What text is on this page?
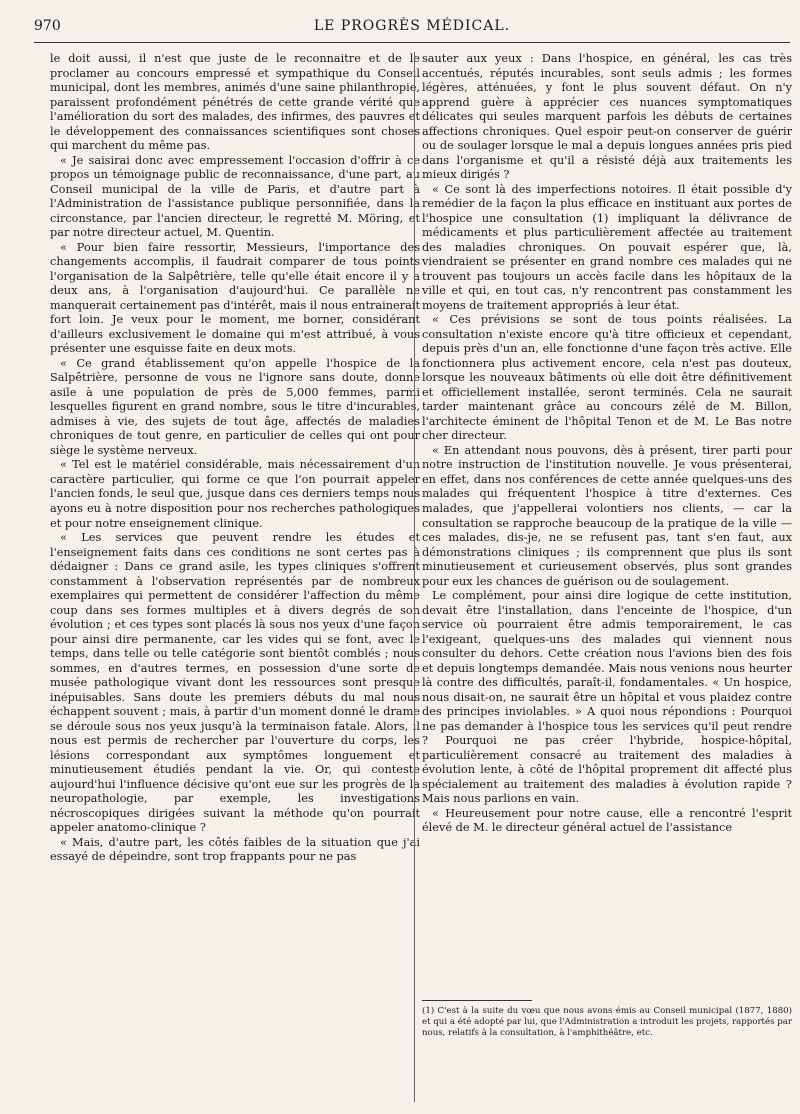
970	LE PROGRÈS MÉDICAL.

le doit aussi, il n'est que juste de le reconnaitre et de le proclamer au concours empressé et sympathique du Conseil municipal, dont les membres, animés d'une saine philanthropie, paraissent profondément pénétrés de cette grande vérité que l'amélioration du sort des malades, des infirmes, des pauvres et le développement des connaissances scientifiques sont choses qui marchent du même pas.

« Je saisirai donc avec empressement l'occasion d'offrir à ce propos un témoignage public de reconnaissance, d'une part, au Conseil municipal de la ville de Paris, et d'autre part à l'Administration de l'assistance publique personnifiée, dans la circonstance, par l'ancien directeur, le regretté M. Möring, et par notre directeur actuel, M. Quentin.

« Pour bien faire ressortir, Messieurs, l'importance des changements accomplis, il faudrait comparer de tous points l'organisation de la Salpêtrière, telle qu'elle était encore il y a deux ans, à l'organisation d'aujourd'hui. Ce parallèle ne manquerait certainement pas d'intérêt, mais il nous entrainerait fort loin. Je veux pour le moment, me borner, considérant d'ailleurs exclusivement le domaine qui m'est attribué, à vous présenter une esquisse faite en deux mots.

« Ce grand établissement qu'on appelle l'hospice de la Salpêtrière, personne de vous ne l'ignore sans doute, donne asile à une population de près de 5,000 femmes, parmi lesquelles figurent en grand nombre, sous le titre d'incurables, admises à vie, des sujets de tout âge, affectés de maladies chroniques de tout genre, en particulier de celles qui ont pour siège le système nerveux.

« Tel est le matériel considérable, mais nécessairement d'un caractère particulier, qui forme ce que l'on pourrait appeler l'ancien fonds, le seul que, jusque dans ces derniers temps nous ayons eu à notre disposition pour nos recherches pathologiques et pour notre enseignement clinique.

« Les services que peuvent rendre les études et l'enseignement faits dans ces conditions ne sont certes pas à dédaigner : Dans ce grand asile, les types cliniques s'offrent constamment à l'observation représentés par de nombreux exemplaires qui permettent de considérer l'affection du même coup dans ses formes multiples et à divers degrés de son évolution ; et ces types sont placés là sous nos yeux d'une façon pour ainsi dire permanente, car les vides qui se font, avec le temps, dans telle ou telle catégorie sont bientôt comblés ; nous sommes, en d'autres termes, en possession d'une sorte de musée pathologique vivant dont les ressources sont presque inépuisables. Sans doute les premiers débuts du mal nous échappent souvent ; mais, à partir d'un moment donné le drame se déroule sous nos yeux jusqu'à la terminaison fatale. Alors, il nous est permis de rechercher par l'ouverture du corps, les lésions correspondant aux symptômes longuement et minutieusement étudiés pendant la vie. Or, qui conteste aujourd'hui l'influence décisive qu'ont eue sur les progrès de la neuropathologie, par exemple, les investigations nécroscopiques dirigées suivant la méthode qu'on pourrait appeler anatomo-clinique ?

« Mais, d'autre part, les côtés faibles de la situation que j'ai essayé de dépeindre, sont trop frappants pour ne pas

sauter aux yeux : Dans l'hospice, en général, les cas très accentués, réputés incurables, sont seuls admis ; les formes légères, atténuées, y font le plus souvent défaut. On n'y apprend guère à apprécier ces nuances symptomatiques délicates qui seules marquent parfois les débuts de certaines affections chroniques. Quel espoir peut-on conserver de guérir ou de soulager lorsque le mal a depuis longues années pris pied dans l'organisme et qu'il a résisté déjà aux traitements les mieux dirigés ?

« Ce sont là des imperfections notoires. Il était possible d'y remédier de la façon la plus efficace en instituant aux portes de l'hospice une consultation (1) impliquant la délivrance de médicaments et plus particulièrement affectée au traitement des maladies chroniques. On pouvait espérer que, là, viendraient se présenter en grand nombre ces malades qui ne trouvent pas toujours un accès facile dans les hôpitaux de la ville et qui, en tout cas, n'y rencontrent pas constamment les moyens de traitement appropriés à leur état.

« Ces prévisions se sont de tous points réalisées. La consultation n'existe encore qu'à titre officieux et cependant, depuis près d'un an, elle fonctionne d'une façon très active. Elle fonctionnera plus activement encore, cela n'est pas douteux, lorsque les nouveaux bâtiments où elle doit être définitivement et officiellement installée, seront terminés. Cela ne saurait tarder maintenant grâce au concours zélé de M. Billon, l'architecte éminent de l'hôpital Tenon et de M. Le Bas notre cher directeur.

« En attendant nous pouvons, dès à présent, tirer parti pour notre instruction de l'institution nouvelle. Je vous présenterai, en effet, dans nos conférences de cette année quelques-uns des malades qui fréquentent l'hospice à titre d'externes. Ces malades, que j'appellerai volontiers nos clients, — car la consultation se rapproche beaucoup de la pratique de la ville — ces malades, dis-je, ne se refusent pas, tant s'en faut, aux démonstrations cliniques ; ils comprennent que plus ils sont minutieusement et curieusement observés, plus sont grandes pour eux les chances de guérison ou de soulagement.

Le complément, pour ainsi dire logique de cette institution, devait être l'installation, dans l'enceinte de l'hospice, d'un service où pourraient être admis temporairement, le cas l'exigeant, quelques-uns des malades qui viennent nous consulter du dehors. Cette création nous l'avions bien des fois et depuis longtemps demandée. Mais nous venions nous heurter là contre des difficultés, paraît-il, fondamentales. « Un hospice, nous disait-on, ne saurait être un hôpital et vous plaidez contre des principes inviolables. » A quoi nous répondions : Pourquoi ne pas demander à l'hospice tous les services qu'il peut rendre ? Pourquoi ne pas créer l'hybride, hospice-hôpital, particulièrement consacré au traitement des maladies à évolution lente, à côté de l'hôpital proprement dit affecté plus spécialement au traitement des maladies à évolution rapide ? Mais nous parlions en vain.

« Heureusement pour notre cause, elle a rencontré l'esprit élevé de M. le directeur général actuel de l'assistance

(1) C'est à la suite du vœu que nous avons émis au Conseil municipal (1877, 1880) et qui a été adopté par lui, que l'Administration a introduit les projets, rapportés par nous, relatifs à la consultation, à l'amphithéâtre, etc.
